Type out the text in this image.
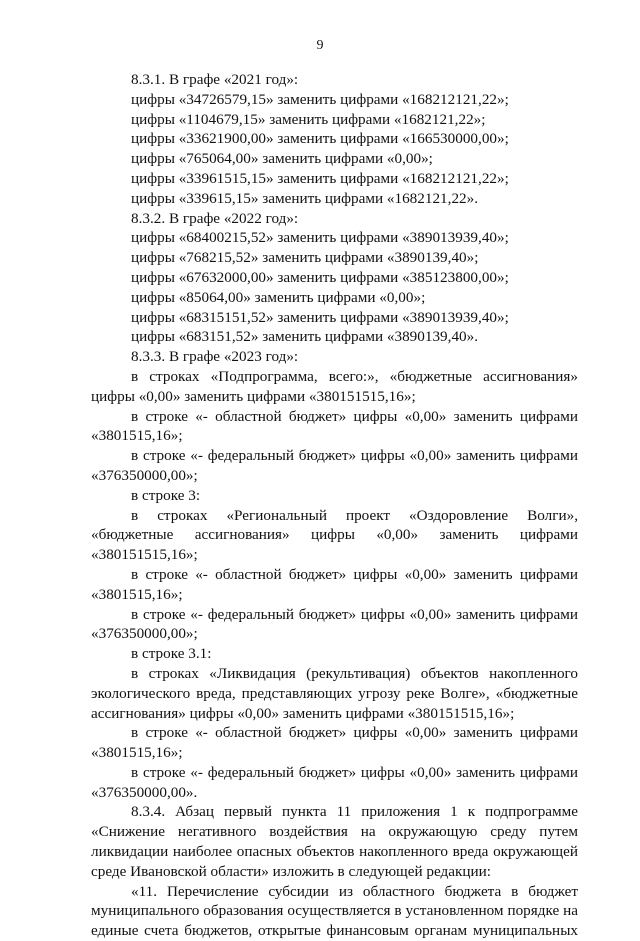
9

8.3.1. В графе «2021 год»:

цифры «34726579,15» заменить цифрами «168212121,22»;

цифры «1104679,15» заменить цифрами «1682121,22»;

цифры «33621900,00» заменить цифрами «166530000,00»;

цифры «765064,00» заменить цифрами «0,00»;

цифры «33961515,15» заменить цифрами «168212121,22»;

цифры «339615,15» заменить цифрами «1682121,22».

8.3.2. В графе «2022 год»:

цифры «68400215,52» заменить цифрами «389013939,40»;

цифры «768215,52» заменить цифрами «3890139,40»;

цифры «67632000,00» заменить цифрами «385123800,00»;

цифры «85064,00» заменить цифрами «0,00»;

цифры «68315151,52» заменить цифрами «389013939,40»;

цифры «683151,52» заменить цифрами «3890139,40».

8.3.3. В графе «2023 год»:

в строках «Подпрограмма, всего:», «бюджетные ассигнования» цифры «0,00» заменить цифрами «380151515,16»;

в строке «- областной бюджет» цифры «0,00» заменить цифрами «3801515,16»;

в строке «- федеральный бюджет» цифры «0,00» заменить цифрами «376350000,00»;

в строке 3:

в строках «Региональный проект «Оздоровление Волги», «бюджетные ассигнования» цифры «0,00» заменить цифрами «380151515,16»;

в строке «- областной бюджет» цифры «0,00» заменить цифрами «3801515,16»;

в строке «- федеральный бюджет» цифры «0,00» заменить цифрами «376350000,00»;

в строке 3.1:

в строках «Ликвидация (рекультивация) объектов накопленного экологического вреда, представляющих угрозу реке Волге», «бюджетные ассигнования» цифры «0,00» заменить цифрами «380151515,16»;

в строке «- областной бюджет» цифры «0,00» заменить цифрами «3801515,16»;

в строке «- федеральный бюджет» цифры «0,00» заменить цифрами «376350000,00».

8.3.4. Абзац первый пункта 11 приложения 1 к подпрограмме «Снижение негативного воздействия на окружающую среду путем ликвидации наиболее опасных объектов накопленного вреда окружающей среде Ивановской области» изложить в следующей редакции:

«11. Перечисление субсидии из областного бюджета в бюджет муниципального образования осуществляется в установленном порядке на единые счета бюджетов, открытые финансовым органам муниципальных
